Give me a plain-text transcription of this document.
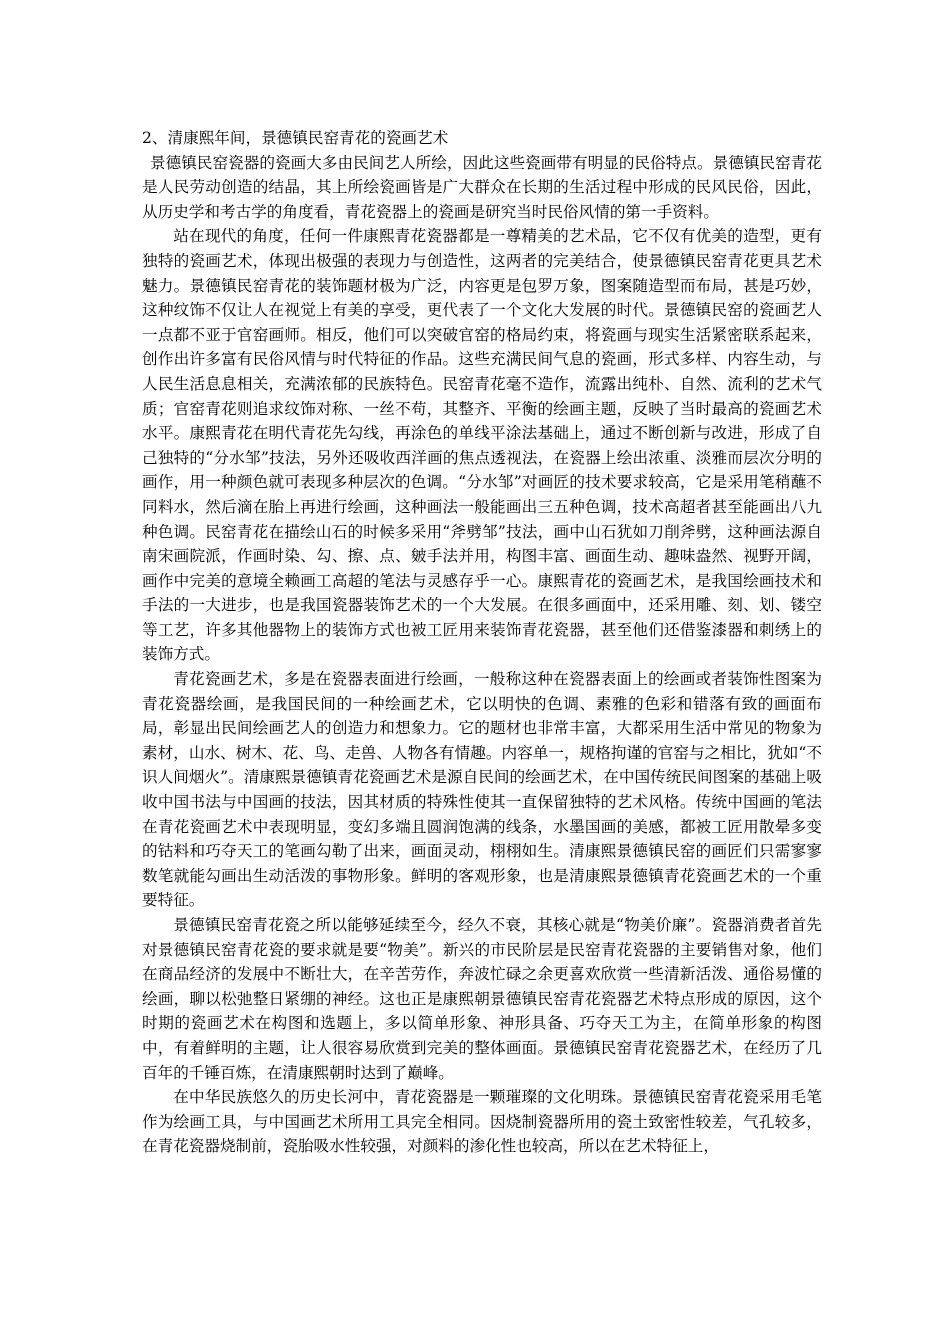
2、清康熙年间，景德镇民窑青花的瓷画艺术

景德镇民窑瓷器的瓷画大多由民间艺人所绘，因此这些瓷画带有明显的民俗特点。景德镇民窑青花是人民劳动创造的结晶，其上所绘瓷画皆是广大群众在长期的生活过程中形成的民风民俗，因此，从历史学和考古学的角度看，青花瓷器上的瓷画是研究当时民俗风情的第一手资料。

站在现代的角度，任何一件康熙青花瓷器都是一尊精美的艺术品，它不仅有优美的造型，更有独特的瓷画艺术，体现出极强的表现力与创造性，这两者的完美结合，使景德镇民窑青花更具艺术魅力。景德镇民窑青花的装饰题材极为广泛，内容更是包罗万象，图案随造型而布局，甚是巧妙，这种纹饰不仅让人在视觉上有美的享受，更代表了一个文化大发展的时代。景德镇民窑的瓷画艺人一点都不亚于官窑画师。相反，他们可以突破官窑的格局约束，将瓷画与现实生活紧密联系起来，创作出许多富有民俗风情与时代特征的作品。这些充满民间气息的瓷画，形式多样、内容生动，与人民生活息息相关，充满浓郁的民族特色。民窑青花毫不造作，流露出纯朴、自然、流利的艺术气质；官窑青花则追求纹饰对称、一丝不苟，其整齐、平衡的绘画主题，反映了当时最高的瓷画艺术水平。康熙青花在明代青花先勾线，再涂色的单线平涂法基础上，通过不断创新与改进，形成了自己独特的“分水邹”技法，另外还吸收西洋画的焦点透视法，在瓷器上绘出浓重、淡雅而层次分明的画作，用一种颜色就可表现多种层次的色调。“分水邹”对画匠的技术要求较高，它是采用笔稍蘸不同料水，然后滴在胎上再进行绘画，这种画法一般能画出三五种色调，技术高超者甚至能画出八九种色调。民窑青花在描绘山石的时候多采用“斧劈邹”技法，画中山石犹如刀削斧劈，这种画法源自南宋画院派，作画时染、勾、擦、点、皴手法并用，构图丰富、画面生动、趣味盎然、视野开阔，画作中完美的意境全赖画工高超的笔法与灵感存乎一心。康熙青花的瓷画艺术，是我国绘画技术和手法的一大进步，也是我国瓷器装饰艺术的一个大发展。在很多画面中，还采用雕、刻、划、镂空等工艺，许多其他器物上的装饰方式也被工匠用来装饰青花瓷器，甚至他们还借鉴漆器和刺绣上的装饰方式。

青花瓷画艺术，多是在瓷器表面进行绘画，一般称这种在瓷器表面上的绘画或者装饰性图案为青花瓷器绘画，是我国民间的一种绘画艺术，它以明快的色调、素雅的色彩和错落有致的画面布局，彰显出民间绘画艺人的创造力和想象力。它的题材也非常丰富，大都采用生活中常见的物象为素材，山水、树木、花、鸟、走兽、人物各有情趣。内容单一，规格拘谨的官窑与之相比，犹如“不识人间烟火”。清康熙景德镇青花瓷画艺术是源自民间的绘画艺术，在中国传统民间图案的基础上吸收中国书法与中国画的技法，因其材质的特殊性使其一直保留独特的艺术风格。传统中国画的笔法在青花瓷画艺术中表现明显，变幻多端且圆润饱满的线条，水墨国画的美感，都被工匠用散晕多变的钴料和巧夺天工的笔画勾勒了出来，画面灵动，栩栩如生。清康熙景德镇民窑的画匠们只需寥寥数笔就能勾画出生动活泼的事物形象。鲜明的客观形象，也是清康熙景德镇青花瓷画艺术的一个重要特征。

景德镇民窑青花瓷之所以能够延续至今，经久不衰，其核心就是“物美价廉”。瓷器消费者首先对景德镇民窑青花瓷的要求就是要“物美”。新兴的市民阶层是民窑青花瓷器的主要销售对象，他们在商品经济的发展中不断壮大，在辛苦劳作，奔波忙碌之余更喜欢欣赏一些清新活泼、通俗易懂的绘画，聊以松弛整日紧绷的神经。这也正是康熙朝景德镇民窑青花瓷器艺术特点形成的原因，这个时期的瓷画艺术在构图和选题上，多以简单形象、神形具备、巧夺天工为主，在简单形象的构图中，有着鲜明的主题，让人很容易欣赏到完美的整体画面。景德镇民窑青花瓷器艺术，在经历了几百年的千锤百炼，在清康熙朝时达到了巅峰。

在中华民族悠久的历史长河中，青花瓷器是一颗璀璨的文化明珠。景德镇民窑青花瓷采用毛笔作为绘画工具，与中国画艺术所用工具完全相同。因烧制瓷器所用的瓷土致密性较差，气孔较多，在青花瓷器烧制前，瓷胎吸水性较强，对颜料的渗化性也较高，所以在艺术特征上，
